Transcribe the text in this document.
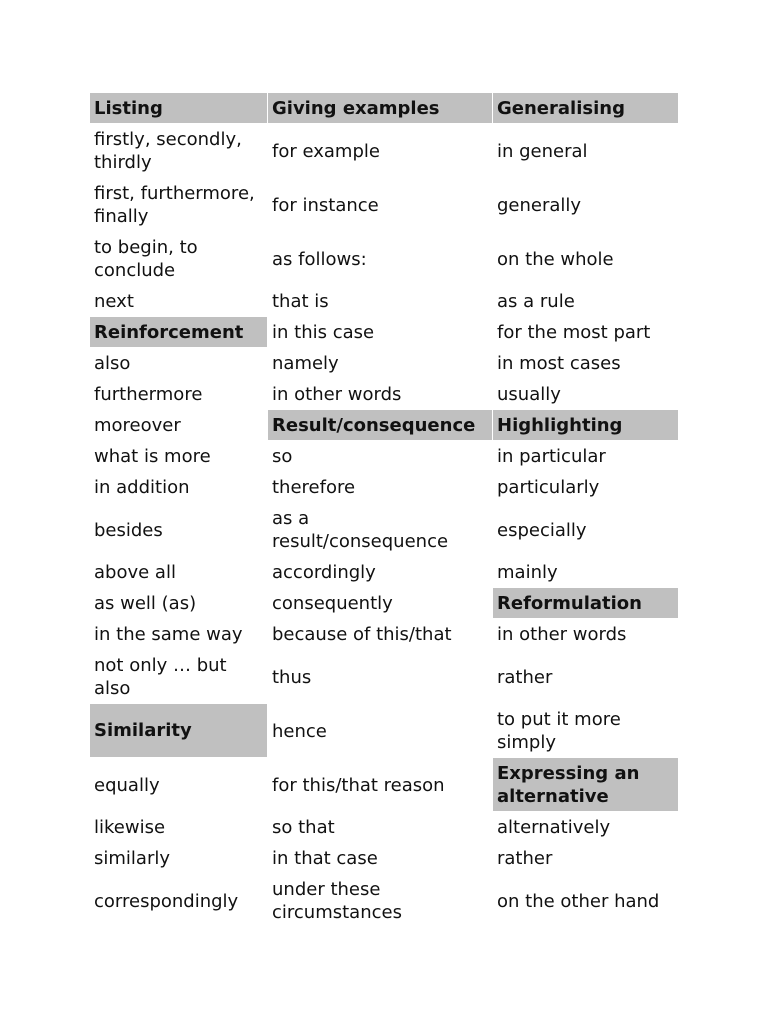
Listing	Giving examples	Generalising
firstly, secondly, thirdly	for example	in general
first, furthermore, finally	for instance	generally
to begin, to conclude	as follows:	on the whole
next	that is	as a rule
Reinforcement	in this case	for the most part
also	namely	in most cases
furthermore	in other words	usually
moreover	Result/consequence	Highlighting
what is more	so	in particular
in addition	therefore	particularly
besides	as a result/consequence	especially
above all	accordingly	mainly
as well (as)	consequently	Reformulation
in the same way	because of this/that	in other words
not only … but also	thus	rather
Similarity	hence	to put it more simply
equally	for this/that reason	Expressing an alternative
likewise	so that	alternatively
similarly	in that case	rather
correspondingly	under these circumstances	on the other hand
